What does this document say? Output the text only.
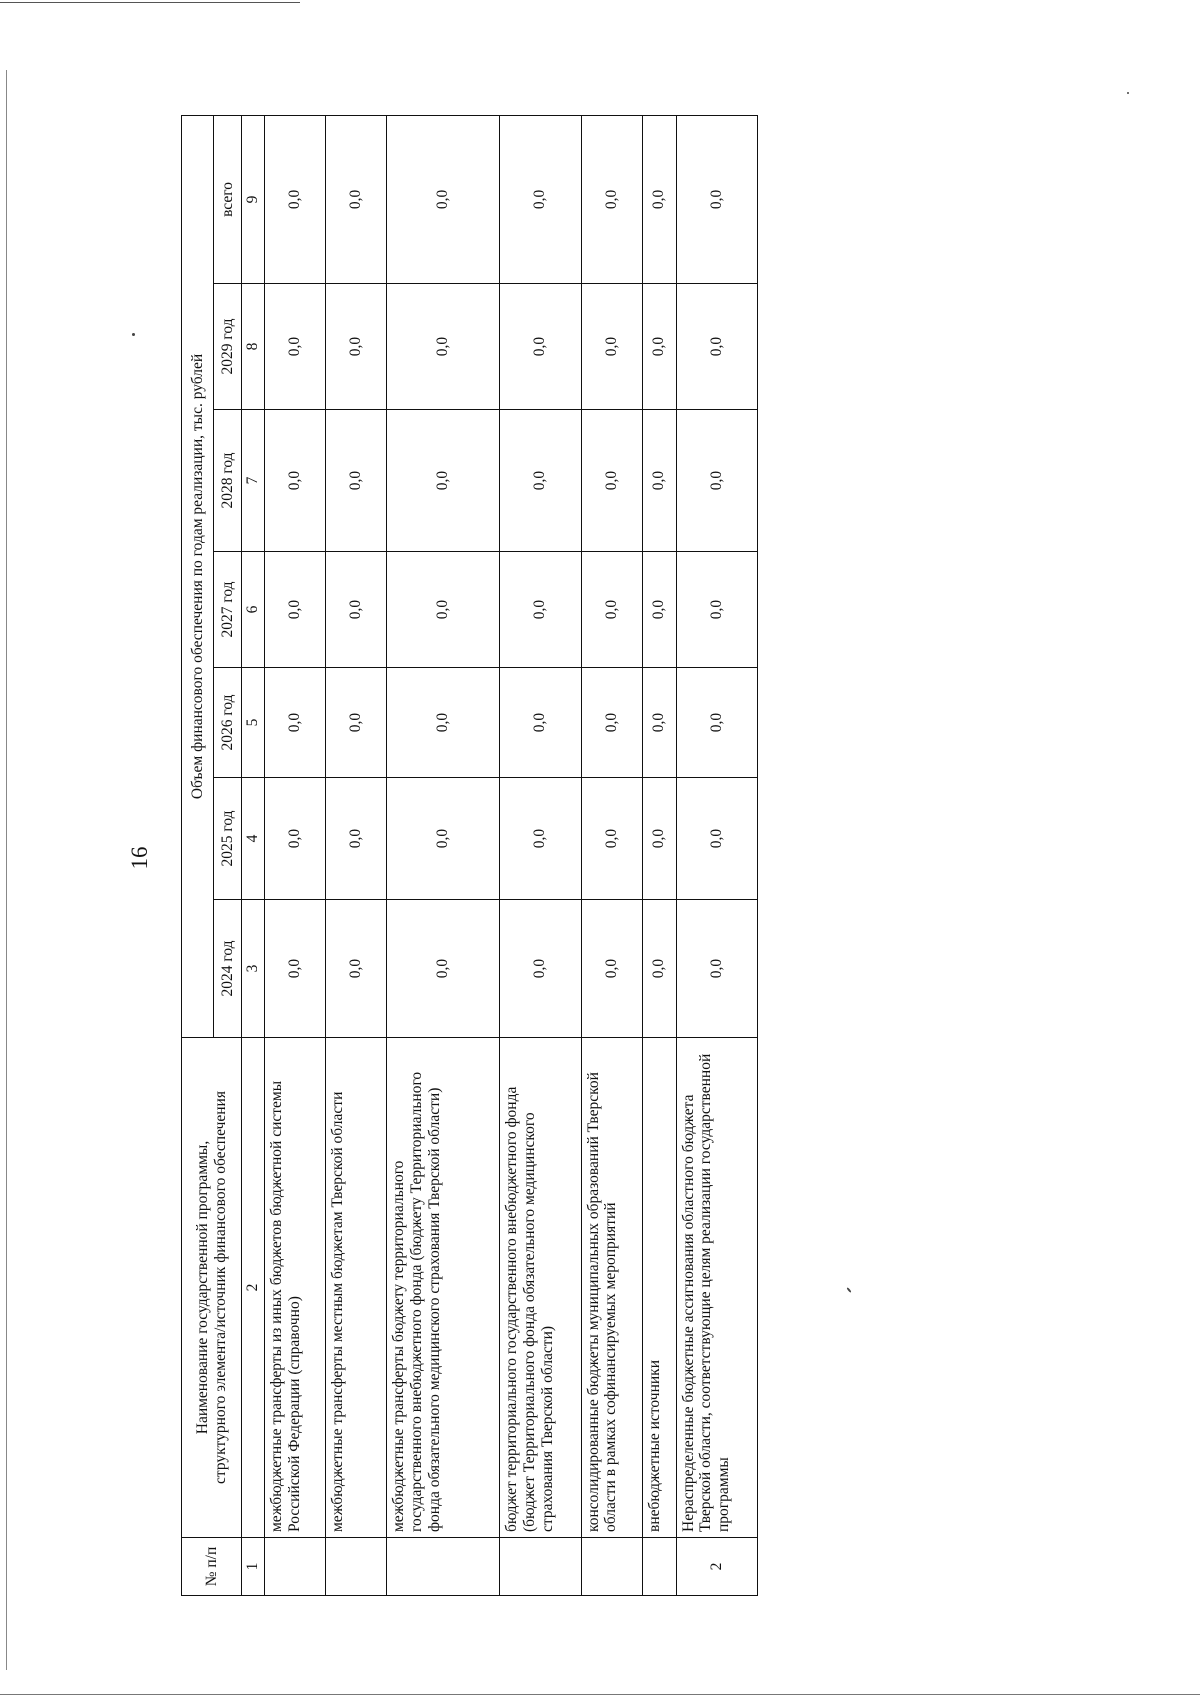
16
№ п/п	Наименование государственной программы, структурного элемента/источник финансового обеспечения	Объем финансового обеспечения по годам реализации, тыс. рублей						
		2024 год	2025 год	2026 год	2027 год	2028 год	2029 год	всего
1	2	3	4	5	6	7	8	9
	межбюджетные трансферты из иных бюджетов бюджетной системы Российской Федерации (справочно)	0,0	0,0	0,0	0,0	0,0	0,0	0,0
	межбюджетные трансферты местным бюджетам Тверской области	0,0	0,0	0,0	0,0	0,0	0,0	0,0
	межбюджетные трансферты бюджету территориального государственного внебюджетного фонда (бюджету Территориального фонда обязательного медицинского страхования Тверской области)	0,0	0,0	0,0	0,0	0,0	0,0	0,0
	бюджет территориального государственного внебюджетного фонда (бюджет Территориального фонда обязательного медицинского страхования Тверской области)	0,0	0,0	0,0	0,0	0,0	0,0	0,0
	консолидированные бюджеты муниципальных образований Тверской области в рамках софинансируемых мероприятий	0,0	0,0	0,0	0,0	0,0	0,0	0,0
	внебюджетные источники	0,0	0,0	0,0	0,0	0,0	0,0	0,0
2	Нераспределенные бюджетные ассигнования областного бюджета Тверской области, соответствующие целям реализации государственной программы	0,0	0,0	0,0	0,0	0,0	0,0	0,0
